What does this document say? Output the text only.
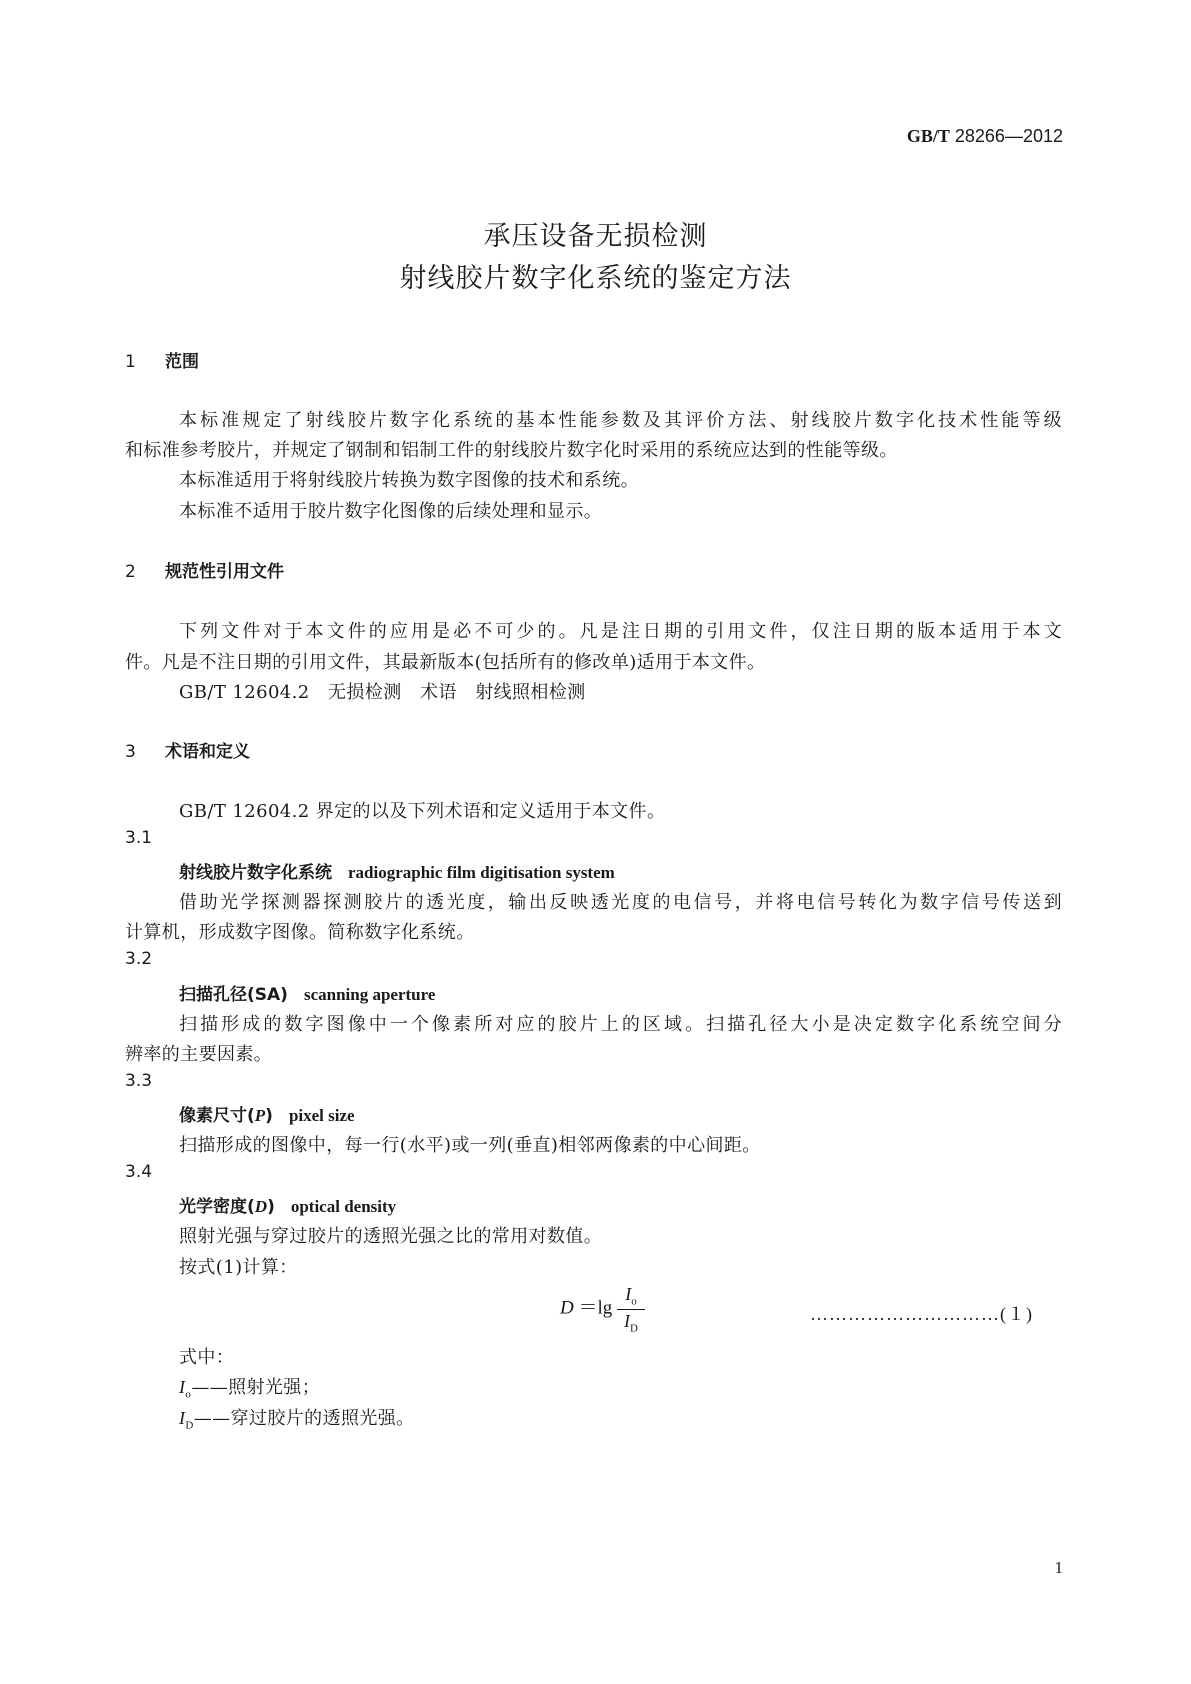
GB/T 28266—2012
承压设备无损检测
射线胶片数字化系统的鉴定方法
1 范围
本标准规定了射线胶片数字化系统的基本性能参数及其评价方法、射线胶片数字化技术性能等级
和标准参考胶片，并规定了钢制和铝制工件的射线胶片数字化时采用的系统应达到的性能等级。
本标准适用于将射线胶片转换为数字图像的技术和系统。
本标准不适用于胶片数字化图像的后续处理和显示。
2 规范性引用文件
下列文件对于本文件的应用是必不可少的。凡是注日期的引用文件，仅注日期的版本适用于本文
件。凡是不注日期的引用文件，其最新版本(包括所有的修改单)适用于本文件。
GB/T 12604.2　无损检测　术语　射线照相检测
3 术语和定义
GB/T 12604.2 界定的以及下列术语和定义适用于本文件。
3.1
射线胶片数字化系统 radiographic film digitisation system
借助光学探测器探测胶片的透光度，输出反映透光度的电信号，并将电信号转化为数字信号传送到
计算机，形成数字图像。简称数字化系统。
3.2
扫描孔径(SA) scanning aperture
扫描形成的数字图像中一个像素所对应的胶片上的区域。扫描孔径大小是决定数字化系统空间分
辨率的主要因素。
3.3
像素尺寸(P) pixel size
扫描形成的图像中，每一行(水平)或一列(垂直)相邻两像素的中心间距。
3.4
光学密度(D) optical density
照射光强与穿过胶片的透照光强之比的常用对数值。
按式(1)计算：
$D =\lg \frac{I_o}{I_D}$	…………………………(１)
式中：
$I_o——$照射光强；
$I_D——$穿过胶片的透照光强。
1
